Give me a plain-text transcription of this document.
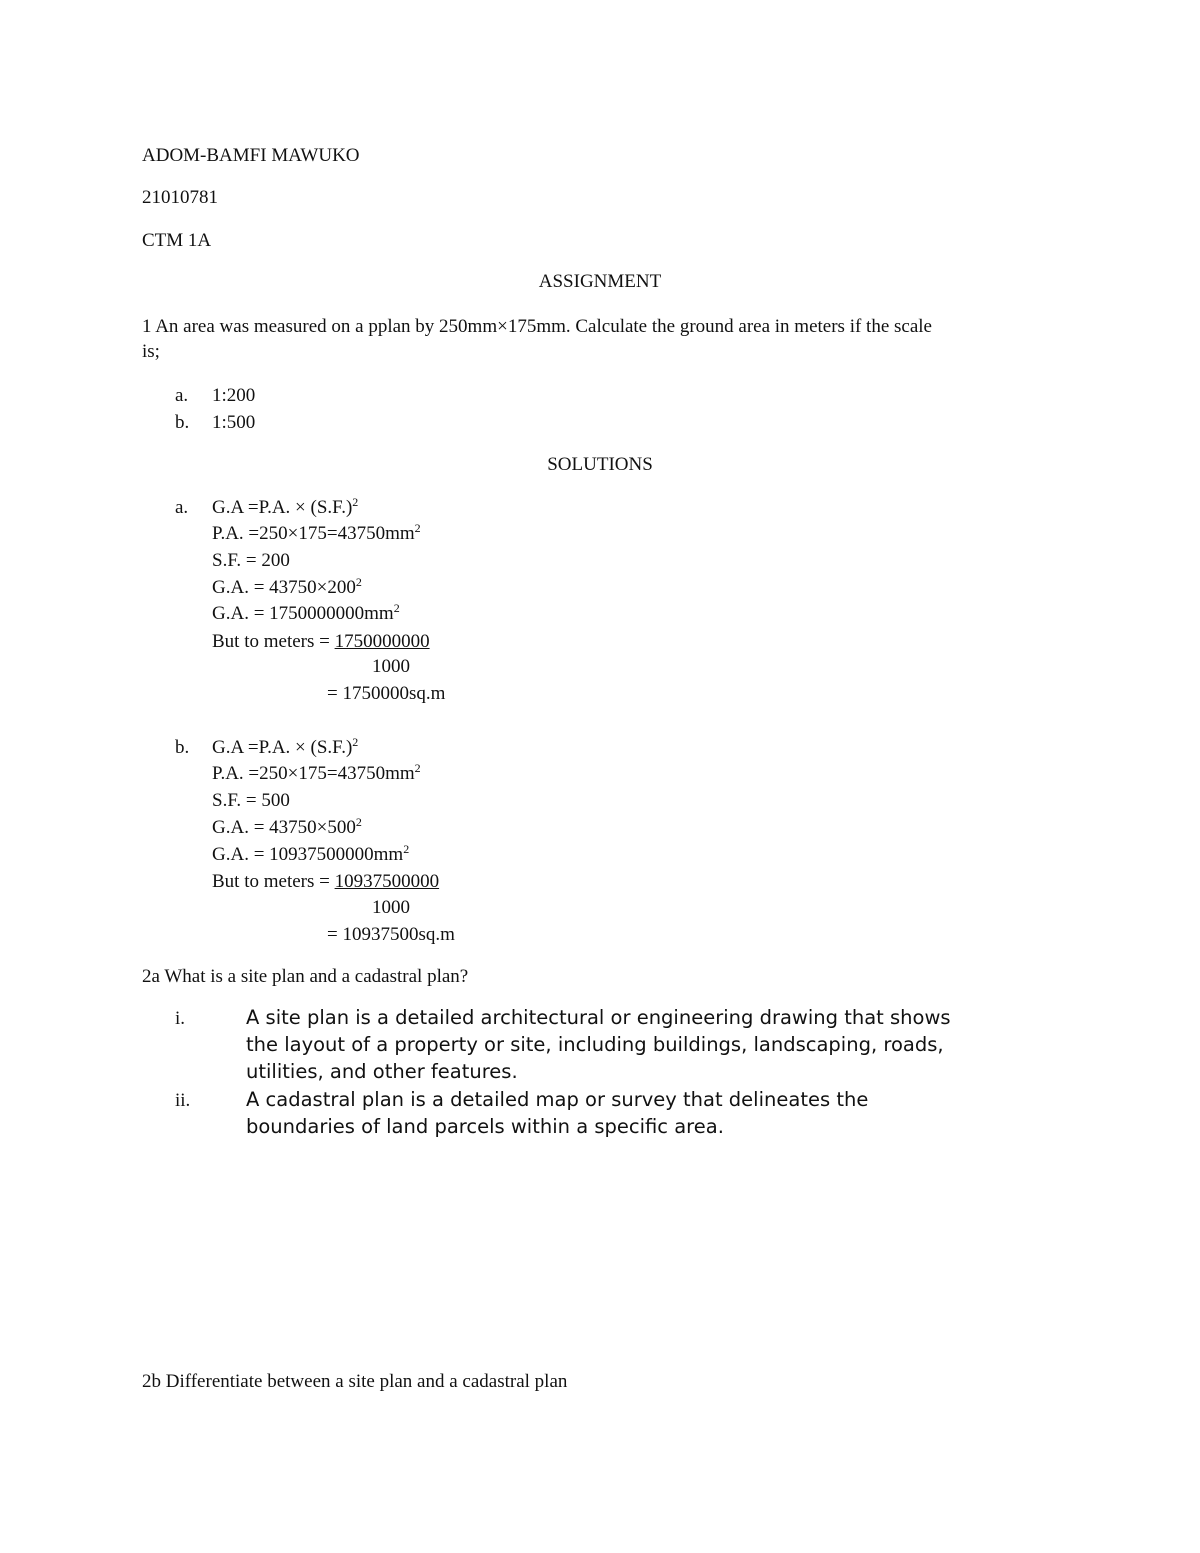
ADOM-BAMFI MAWUKO
21010781
CTM 1A
ASSIGNMENT
1 An area was measured on a pplan by 250mm×175mm. Calculate the ground area in meters if the scale
is;
a. 1:200
b. 1:500
SOLUTIONS
a. G.A =P.A. × $(S.F.)^2$
P.A. $=250\times 175=43750mm^2$
S.F. = 200
G.A. = $43750\times 200^2$
G.A. = $1750000000mm^2$
But to meters = 1750000000
1000
= 1750000sq.m
b. G.A =P.A. × $(S.F.)^2$
P.A. $=250\times 175=43750mm^2$
S.F. = 500
G.A. = $43750\times 500^2$
G.A. = $10937500000mm^2$
But to meters = 10937500000
1000
= 10937500sq.m
2a What is a site plan and a cadastral plan?
i.	A site plan is a detailed architectural or engineering drawing that shows
the layout of a property or site, including buildings, landscaping, roads,
utilities, and other features.
ii.	A cadastral plan is a detailed map or survey that delineates the
boundaries of land parcels within a specific area.
2b Differentiate between a site plan and a cadastral plan
